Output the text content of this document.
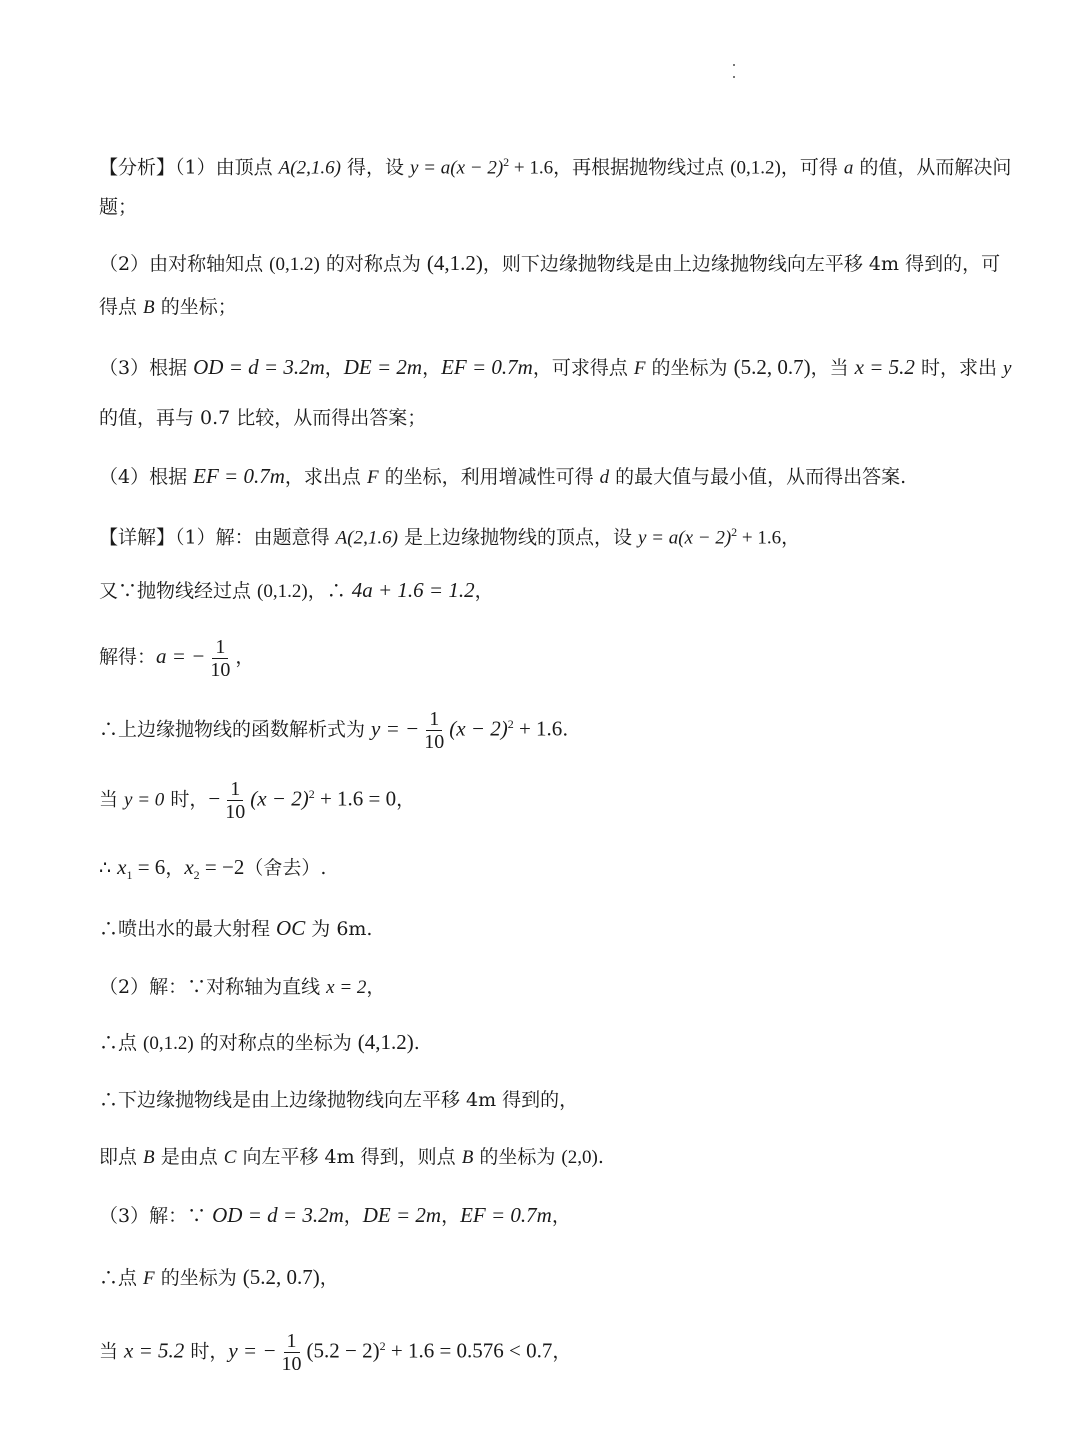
【分析】（1）由顶点 A(2,1.6) 得，设 $y = a(x - 2)^2 + 1.6$，再根据抛物线过点 (0,1.2)，可得 a 的值，从而解决问
题；
（2）由对称轴知点 (0,1.2) 的对称点为 (4,1.2)，则下边缘抛物线是由上边缘抛物线向左平移 4m 得到的，可
得点 B 的坐标；
（3）根据 OD = d = 3.2m，DE = 2m，EF = 0.7m，可求得点 F 的坐标为 (5.2, 0.7)，当 x = 5.2 时，求出 y
的值，再与 0.7 比较，从而得出答案；
（4）根据 EF = 0.7m，求出点 F 的坐标，利用增减性可得 d 的最大值与最小值，从而得出答案.
【详解】（1）解：由题意得 A(2,1.6) 是上边缘抛物线的顶点，设 $y = a(x - 2)^2 + 1.6$，
又∵抛物线经过点 (0,1.2)，∴ 4a + 1.6 = 1.2，
解得：a = − $\frac{1}{10}$ ，
∴上边缘抛物线的函数解析式为 y = − $\frac{1}{10} (x - 2)^2 + 1.6$.
当 y = 0 时，− $\frac{1}{10} (x - 2)^2 + 1.6 = 0$，
∴ $x_1 = 6$，$x_2 = -2$（舍去）.
∴喷出水的最大射程 OC 为 6m.
（2）解：∵对称轴为直线 x = 2，
∴点 (0,1.2) 的对称点的坐标为 (4,1.2).
∴下边缘抛物线是由上边缘抛物线向左平移 4m 得到的，
即点 B 是由点 C 向左平移 4m 得到，则点 B 的坐标为 (2,0).
（3）解：∵ OD = d = 3.2m，DE = 2m，EF = 0.7m，
∴点 F 的坐标为 (5.2, 0.7)，
当 x = 5.2 时，y = − $\frac{1}{10} (5.2 - 2)^2 + 1.6 = 0.576 < 0.7$，
